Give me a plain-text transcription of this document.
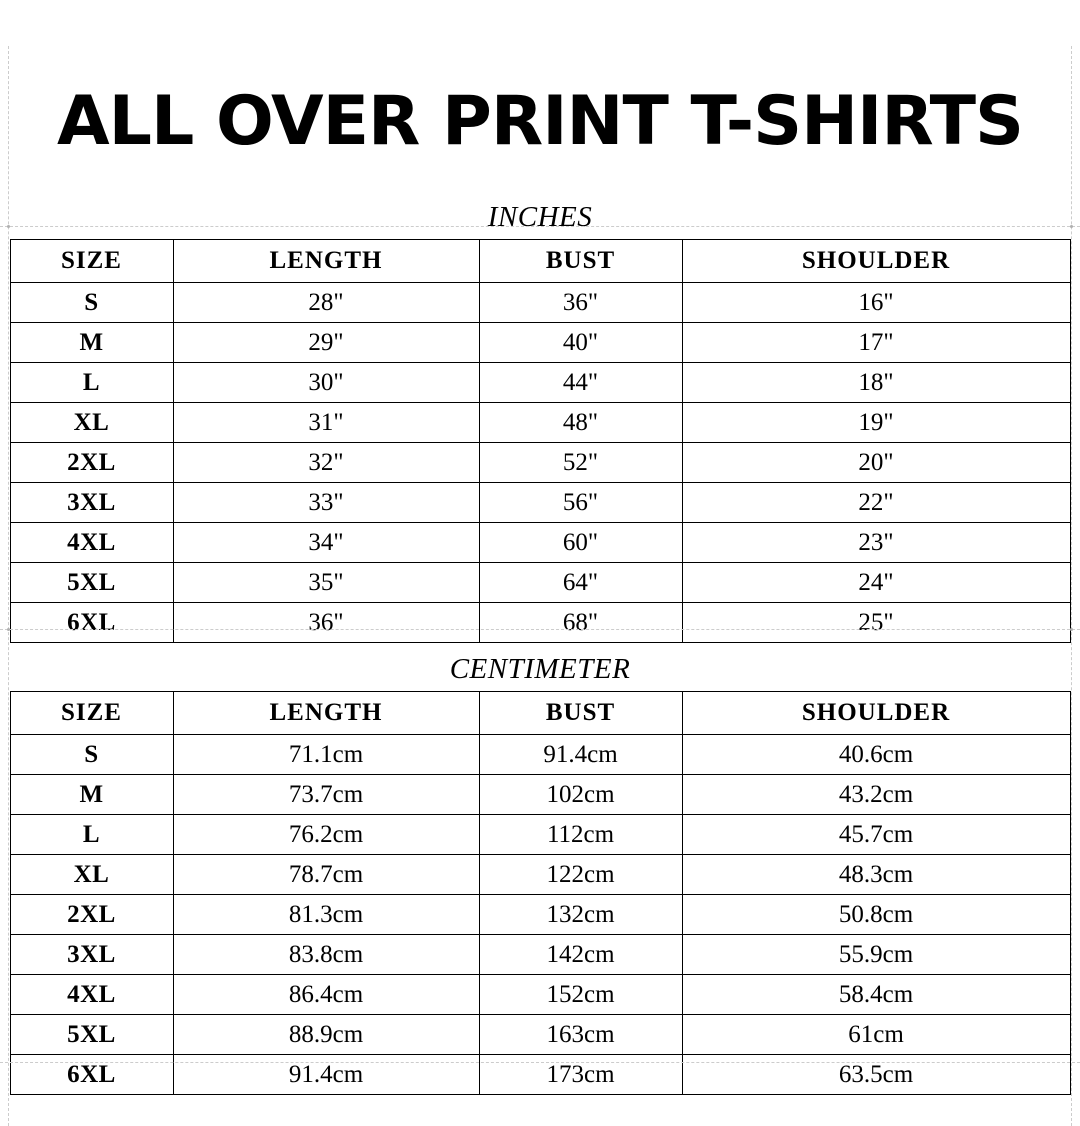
ALL OVER PRINT T-SHIRTS
INCHES
SIZE	LENGTH	BUST	SHOULDER
S	28"	36"	16"
M	29"	40"	17"
L	30"	44"	18"
XL	31"	48"	19"
2XL	32"	52"	20"
3XL	33"	56"	22"
4XL	34"	60"	23"
5XL	35"	64"	24"
6XL	36"	68"	25"
CENTIMETER
SIZE	LENGTH	BUST	SHOULDER
S	71.1cm	91.4cm	40.6cm
M	73.7cm	102cm	43.2cm
L	76.2cm	112cm	45.7cm
XL	78.7cm	122cm	48.3cm
2XL	81.3cm	132cm	50.8cm
3XL	83.8cm	142cm	55.9cm
4XL	86.4cm	152cm	58.4cm
5XL	88.9cm	163cm	61cm
6XL	91.4cm	173cm	63.5cm
